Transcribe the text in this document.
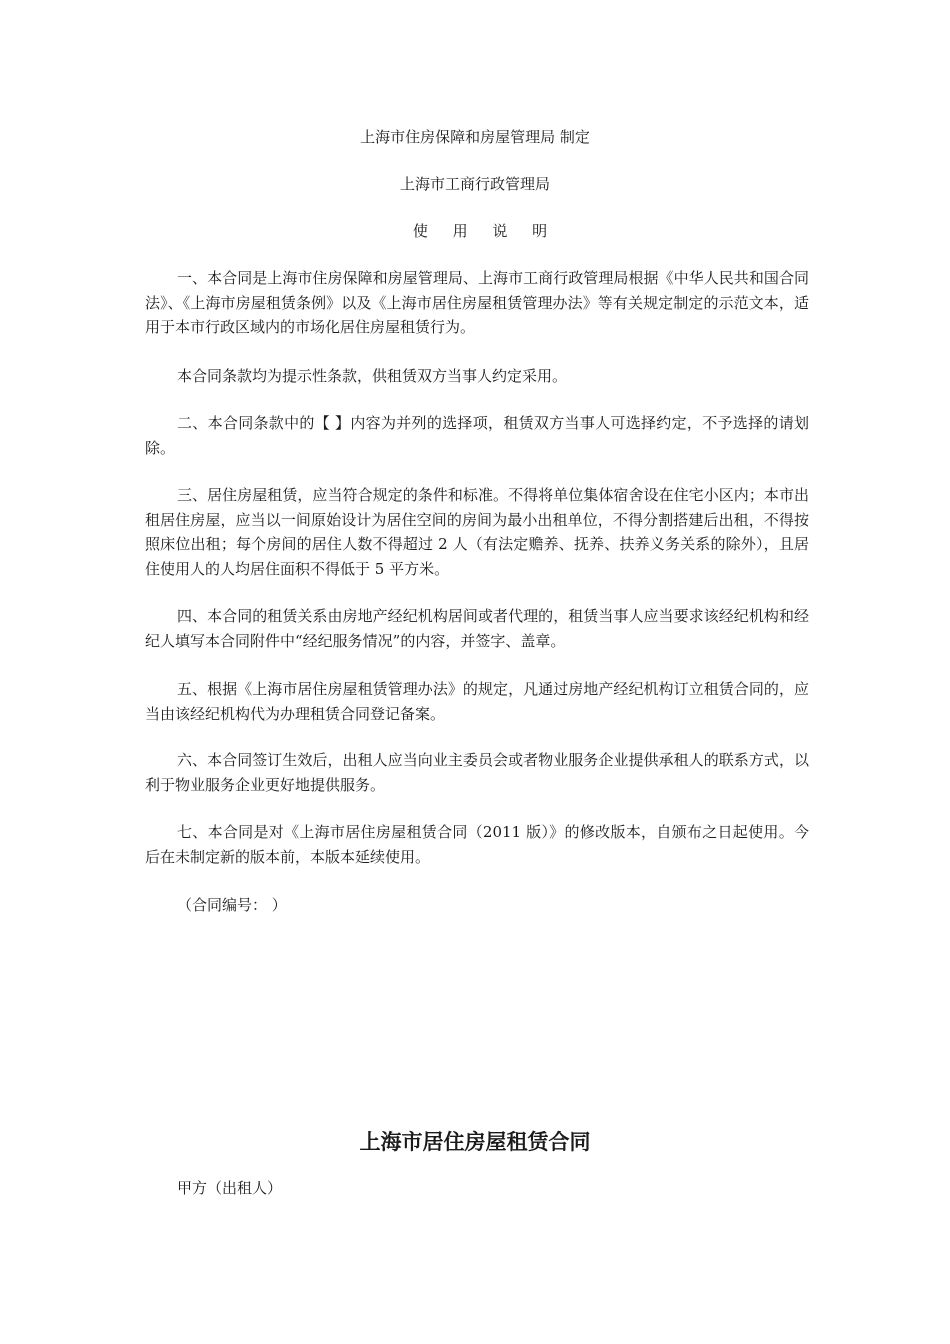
上海市住房保障和房屋管理局 制定
上海市工商行政管理局
使 用 说 明

一、本合同是上海市住房保障和房屋管理局、上海市工商行政管理局根据《中华人民共和国合同法》、《上海市房屋租赁条例》以及《上海市居住房屋租赁管理办法》等有关规定制定的示范文本，适用于本市行政区域内的市场化居住房屋租赁行为。

本合同条款均为提示性条款，供租赁双方当事人约定采用。

二、本合同条款中的【 】内容为并列的选择项，租赁双方当事人可选择约定，不予选择的请划除。

三、居住房屋租赁，应当符合规定的条件和标准。不得将单位集体宿舍设在住宅小区内；本市出租居住房屋，应当以一间原始设计为居住空间的房间为最小出租单位，不得分割搭建后出租，不得按照床位出租；每个房间的居住人数不得超过 2 人（有法定赡养、抚养、扶养义务关系的除外），且居住使用人的人均居住面积不得低于 5 平方米。

四、本合同的租赁关系由房地产经纪机构居间或者代理的，租赁当事人应当要求该经纪机构和经纪人填写本合同附件中“经纪服务情况”的内容，并签字、盖章。

五、根据《上海市居住房屋租赁管理办法》的规定，凡通过房地产经纪机构订立租赁合同的，应当由该经纪机构代为办理租赁合同登记备案。

六、本合同签订生效后，出租人应当向业主委员会或者物业服务企业提供承租人的联系方式，以利于物业服务企业更好地提供服务。

七、本合同是对《上海市居住房屋租赁合同（2011 版）》的修改版本，自颁布之日起使用。今后在未制定新的版本前，本版本延续使用。

（合同编号： ）

上海市居住房屋租赁合同
甲方（出租人）
